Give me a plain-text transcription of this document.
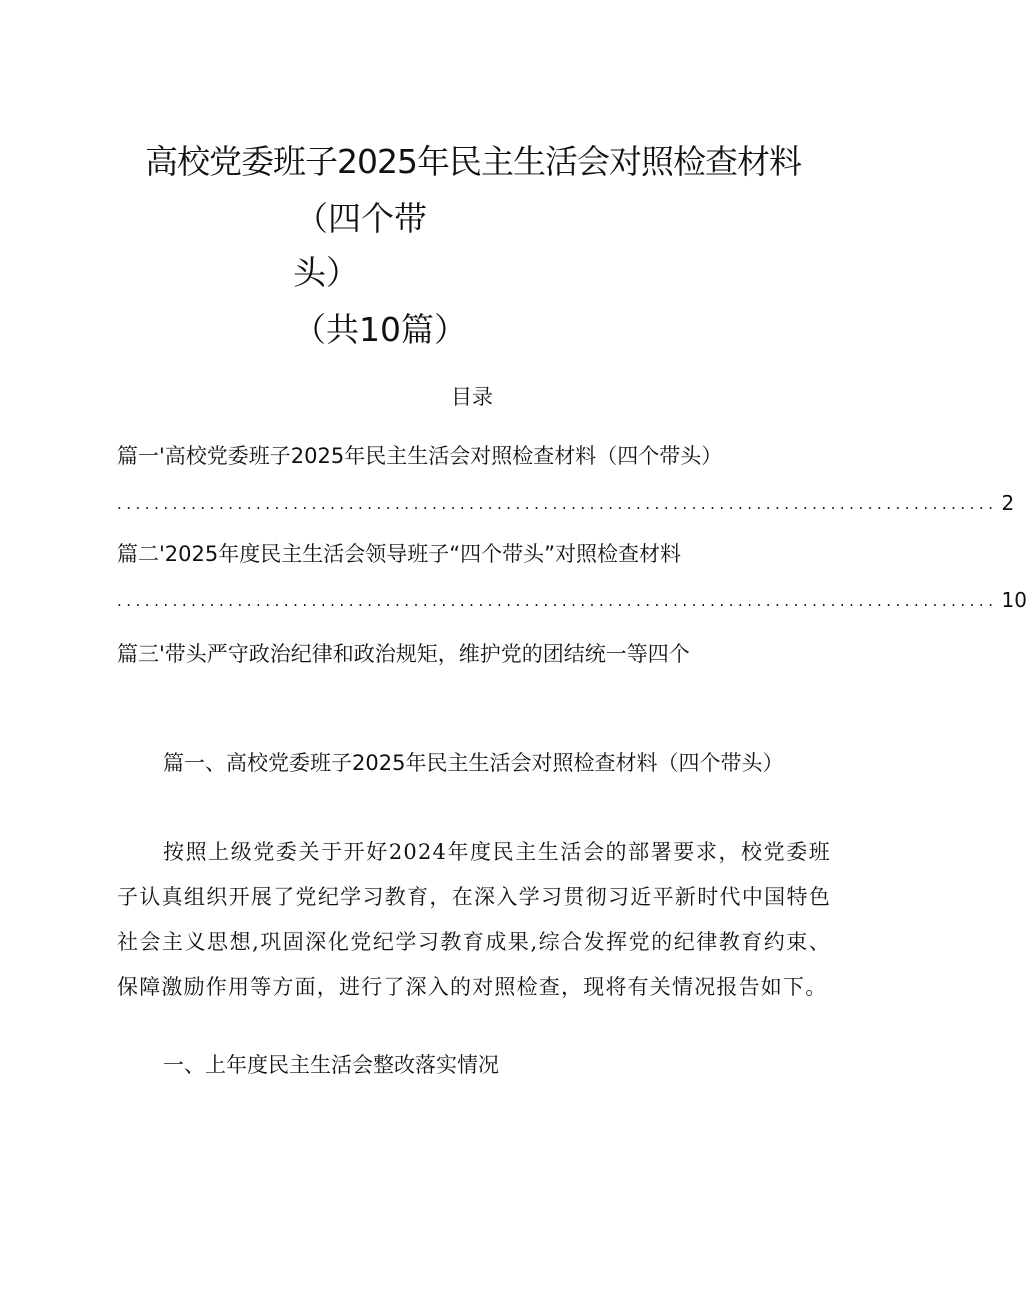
高校党委班子2025年民主生活会对照检查材料
（四个带
头）
（共10篇）
目录
篇一'高校党委班子2025年民主生活会对照检查材料（四个带头）
............................................................................................... 2
篇二'2025年度民主生活会领导班子“四个带头”对照检查材料
............................................................................................... 10
篇三'带头严守政治纪律和政治规矩，维护党的团结统一等四个
篇一、高校党委班子2025年民主生活会对照检查材料（四个带头）
按照上级党委关于开好2024年度民主生活会的部署要求，校党委班子认真组织开展了党纪学习教育，在深入学习贯彻习近平新时代中国特色社会主义思想,巩固深化党纪学习教育成果,综合发挥党的纪律教育约束、保障激励作用等方面，进行了深入的对照检查，现将有关情况报告如下。
一、上年度民主生活会整改落实情况
